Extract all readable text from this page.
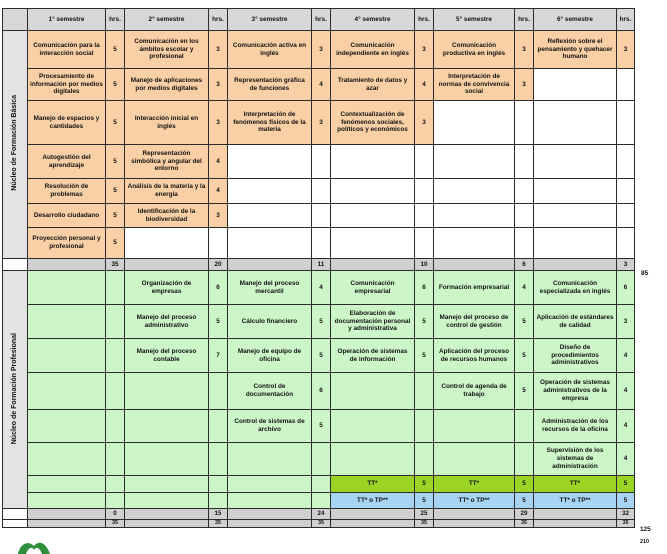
	1° semestre	hrs.	2° semestre	hrs.	3° semestre	hrs.	4° semestre	hrs.	5° semestre	hrs.	6° semestre	hrs.
Núcleo de Formación Básica	Comunicación para la interacción social	5	Comunicación en los ámbitos escolar y profesional	3	Comunicación activa en inglés	3	Comunicación independiente en inglés	3	Comunicación productiva en inglés	3	Reflexión sobre el pensamiento y quehacer humano	3
	Procesamiento de información por medios digitales	5	Manejo de aplicaciones por medios digitales	3	Representación gráfica de funciones	4	Tratamiento de datos y azar	4	Interpretación de normas de convivencia social	3		
	Manejo de espacios y cantidades	5	Interacción inicial en inglés	3	Interpretación de fenómenos físicos de la materia	3	Contextualización de fenómenos sociales, políticos y económicos	3				
	Autogestión del aprendizaje	5	Representación simbólica y angular del entorno	4								
	Resolución de problemas	5	Análisis de la materia y la energía	4								
	Desarrollo ciudadano	5	Identificación de la biodiversidad	3								
	Proyección personal y profesional	5										
		35		20		11		10		6		3
Núcleo de Formación Profesional			Organización de empresas	6	Manejo del proceso mercantil	4	Comunicación empresarial	6	Formación empresarial	4	Comunicación especializada en inglés	6
			Manejo del proceso administrativo	5	Cálculo financiero	5	Elaboración de documentación personal y administrativa	5	Manejo del proceso de control de gestión	5	Aplicación de estándares de calidad	3
			Manejo del proceso contable	7	Manejo de equipo de oficina	5	Operación de sistemas de información	5	Aplicación del proceso de recursos humanos	5	Diseño de procedimientos administrativos	4
					Control de documentación	6			Control de agenda de trabajo	5	Operación de sistemas administrativos de la empresa	4
					Control de sistemas de archivo	5					Administración de los recursos de la oficina	4
											Supervisión de los sistemas de administración	4
							TT*	5	TT*	5	TT*	5
							TT* o TP**	5	TT* o TP**	5	TT* o TP**	5
		0		15		24		25		29		32
		35		35		35		35		35		35
85
125
210
